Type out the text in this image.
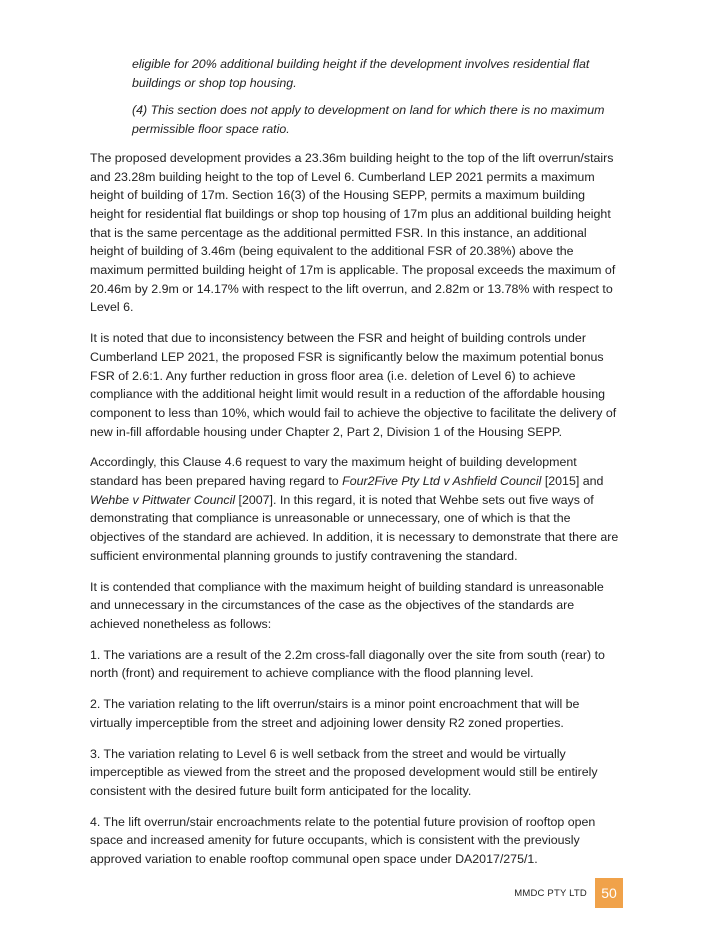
eligible for 20% additional building height if the development involves residential flat buildings or shop top housing.
(4) This section does not apply to development on land for which there is no maximum permissible floor space ratio.

The proposed development provides a 23.36m building height to the top of the lift overrun/stairs and 23.28m building height to the top of Level 6. Cumberland LEP 2021 permits a maximum height of building of 17m. Section 16(3) of the Housing SEPP, permits a maximum building height for residential flat buildings or shop top housing of 17m plus an additional building height that is the same percentage as the additional permitted FSR. In this instance, an additional height of building of 3.46m (being equivalent to the additional FSR of 20.38%) above the maximum permitted building height of 17m is applicable. The proposal exceeds the maximum of 20.46m by 2.9m or 14.17% with respect to the lift overrun, and 2.82m or 13.78% with respect to Level 6.

It is noted that due to inconsistency between the FSR and height of building controls under Cumberland LEP 2021, the proposed FSR is significantly below the maximum potential bonus FSR of 2.6:1. Any further reduction in gross floor area (i.e. deletion of Level 6) to achieve compliance with the additional height limit would result in a reduction of the affordable housing component to less than 10%, which would fail to achieve the objective to facilitate the delivery of new in-fill affordable housing under Chapter 2, Part 2, Division 1 of the Housing SEPP.

Accordingly, this Clause 4.6 request to vary the maximum height of building development standard has been prepared having regard to Four2Five Pty Ltd v Ashfield Council [2015] and Wehbe v Pittwater Council [2007]. In this regard, it is noted that Wehbe sets out five ways of demonstrating that compliance is unreasonable or unnecessary, one of which is that the objectives of the standard are achieved. In addition, it is necessary to demonstrate that there are sufficient environmental planning grounds to justify contravening the standard.

It is contended that compliance with the maximum height of building standard is unreasonable and unnecessary in the circumstances of the case as the objectives of the standards are achieved nonetheless as follows:

1. The variations are a result of the 2.2m cross-fall diagonally over the site from south (rear) to north (front) and requirement to achieve compliance with the flood planning level.

2. The variation relating to the lift overrun/stairs is a minor point encroachment that will be virtually imperceptible from the street and adjoining lower density R2 zoned properties.

3. The variation relating to Level 6 is well setback from the street and would be virtually imperceptible as viewed from the street and the proposed development would still be entirely consistent with the desired future built form anticipated for the locality.

4. The lift overrun/stair encroachments relate to the potential future provision of rooftop open space and increased amenity for future occupants, which is consistent with the previously approved variation to enable rooftop communal open space under DA2017/275/1.

MMDC PTY LTD	50
